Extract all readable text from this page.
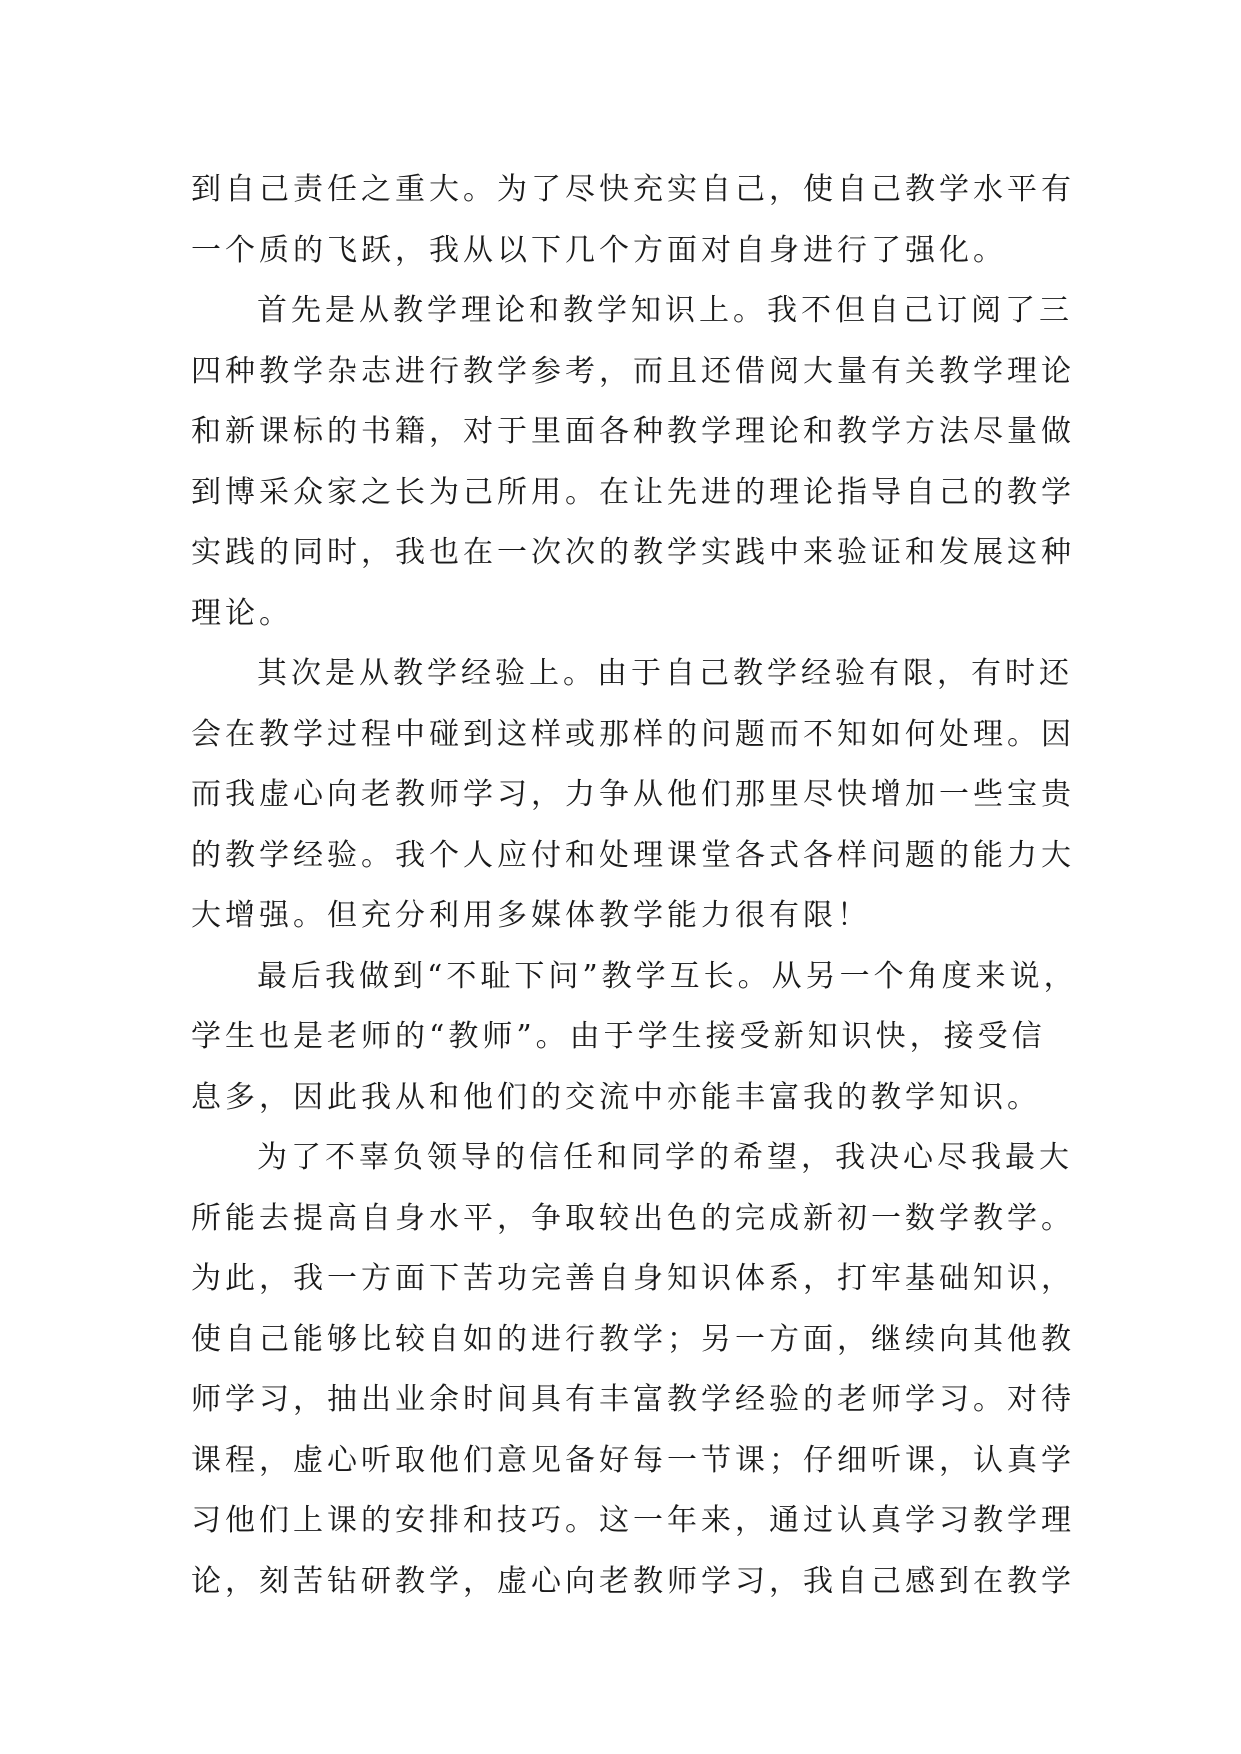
到自己责任之重大。为了尽快充实自己，使自己教学水平有
一个质的飞跃，我从以下几个方面对自身进行了强化。
首先是从教学理论和教学知识上。我不但自己订阅了三
四种教学杂志进行教学参考，而且还借阅大量有关教学理论
和新课标的书籍，对于里面各种教学理论和教学方法尽量做
到博采众家之长为己所用。在让先进的理论指导自己的教学
实践的同时，我也在一次次的教学实践中来验证和发展这种
理论。
其次是从教学经验上。由于自己教学经验有限，有时还
会在教学过程中碰到这样或那样的问题而不知如何处理。因
而我虚心向老教师学习，力争从他们那里尽快增加一些宝贵
的教学经验。我个人应付和处理课堂各式各样问题的能力大
大增强。但充分利用多媒体教学能力很有限！
最后我做到“不耻下问”教学互长。从另一个角度来说，
学生也是老师的“教师”。由于学生接受新知识快，接受信
息多，因此我从和他们的交流中亦能丰富我的教学知识。
为了不辜负领导的信任和同学的希望，我决心尽我最大
所能去提高自身水平，争取较出色的完成新初一数学教学。
为此，我一方面下苦功完善自身知识体系，打牢基础知识，
使自己能够比较自如的进行教学；另一方面，继续向其他教
师学习，抽出业余时间具有丰富教学经验的老师学习。对待
课程，虚心听取他们意见备好每一节课；仔细听课，认真学
习他们上课的安排和技巧。这一年来，通过认真学习教学理
论，刻苦钻研教学，虚心向老教师学习，我自己感到在教学
